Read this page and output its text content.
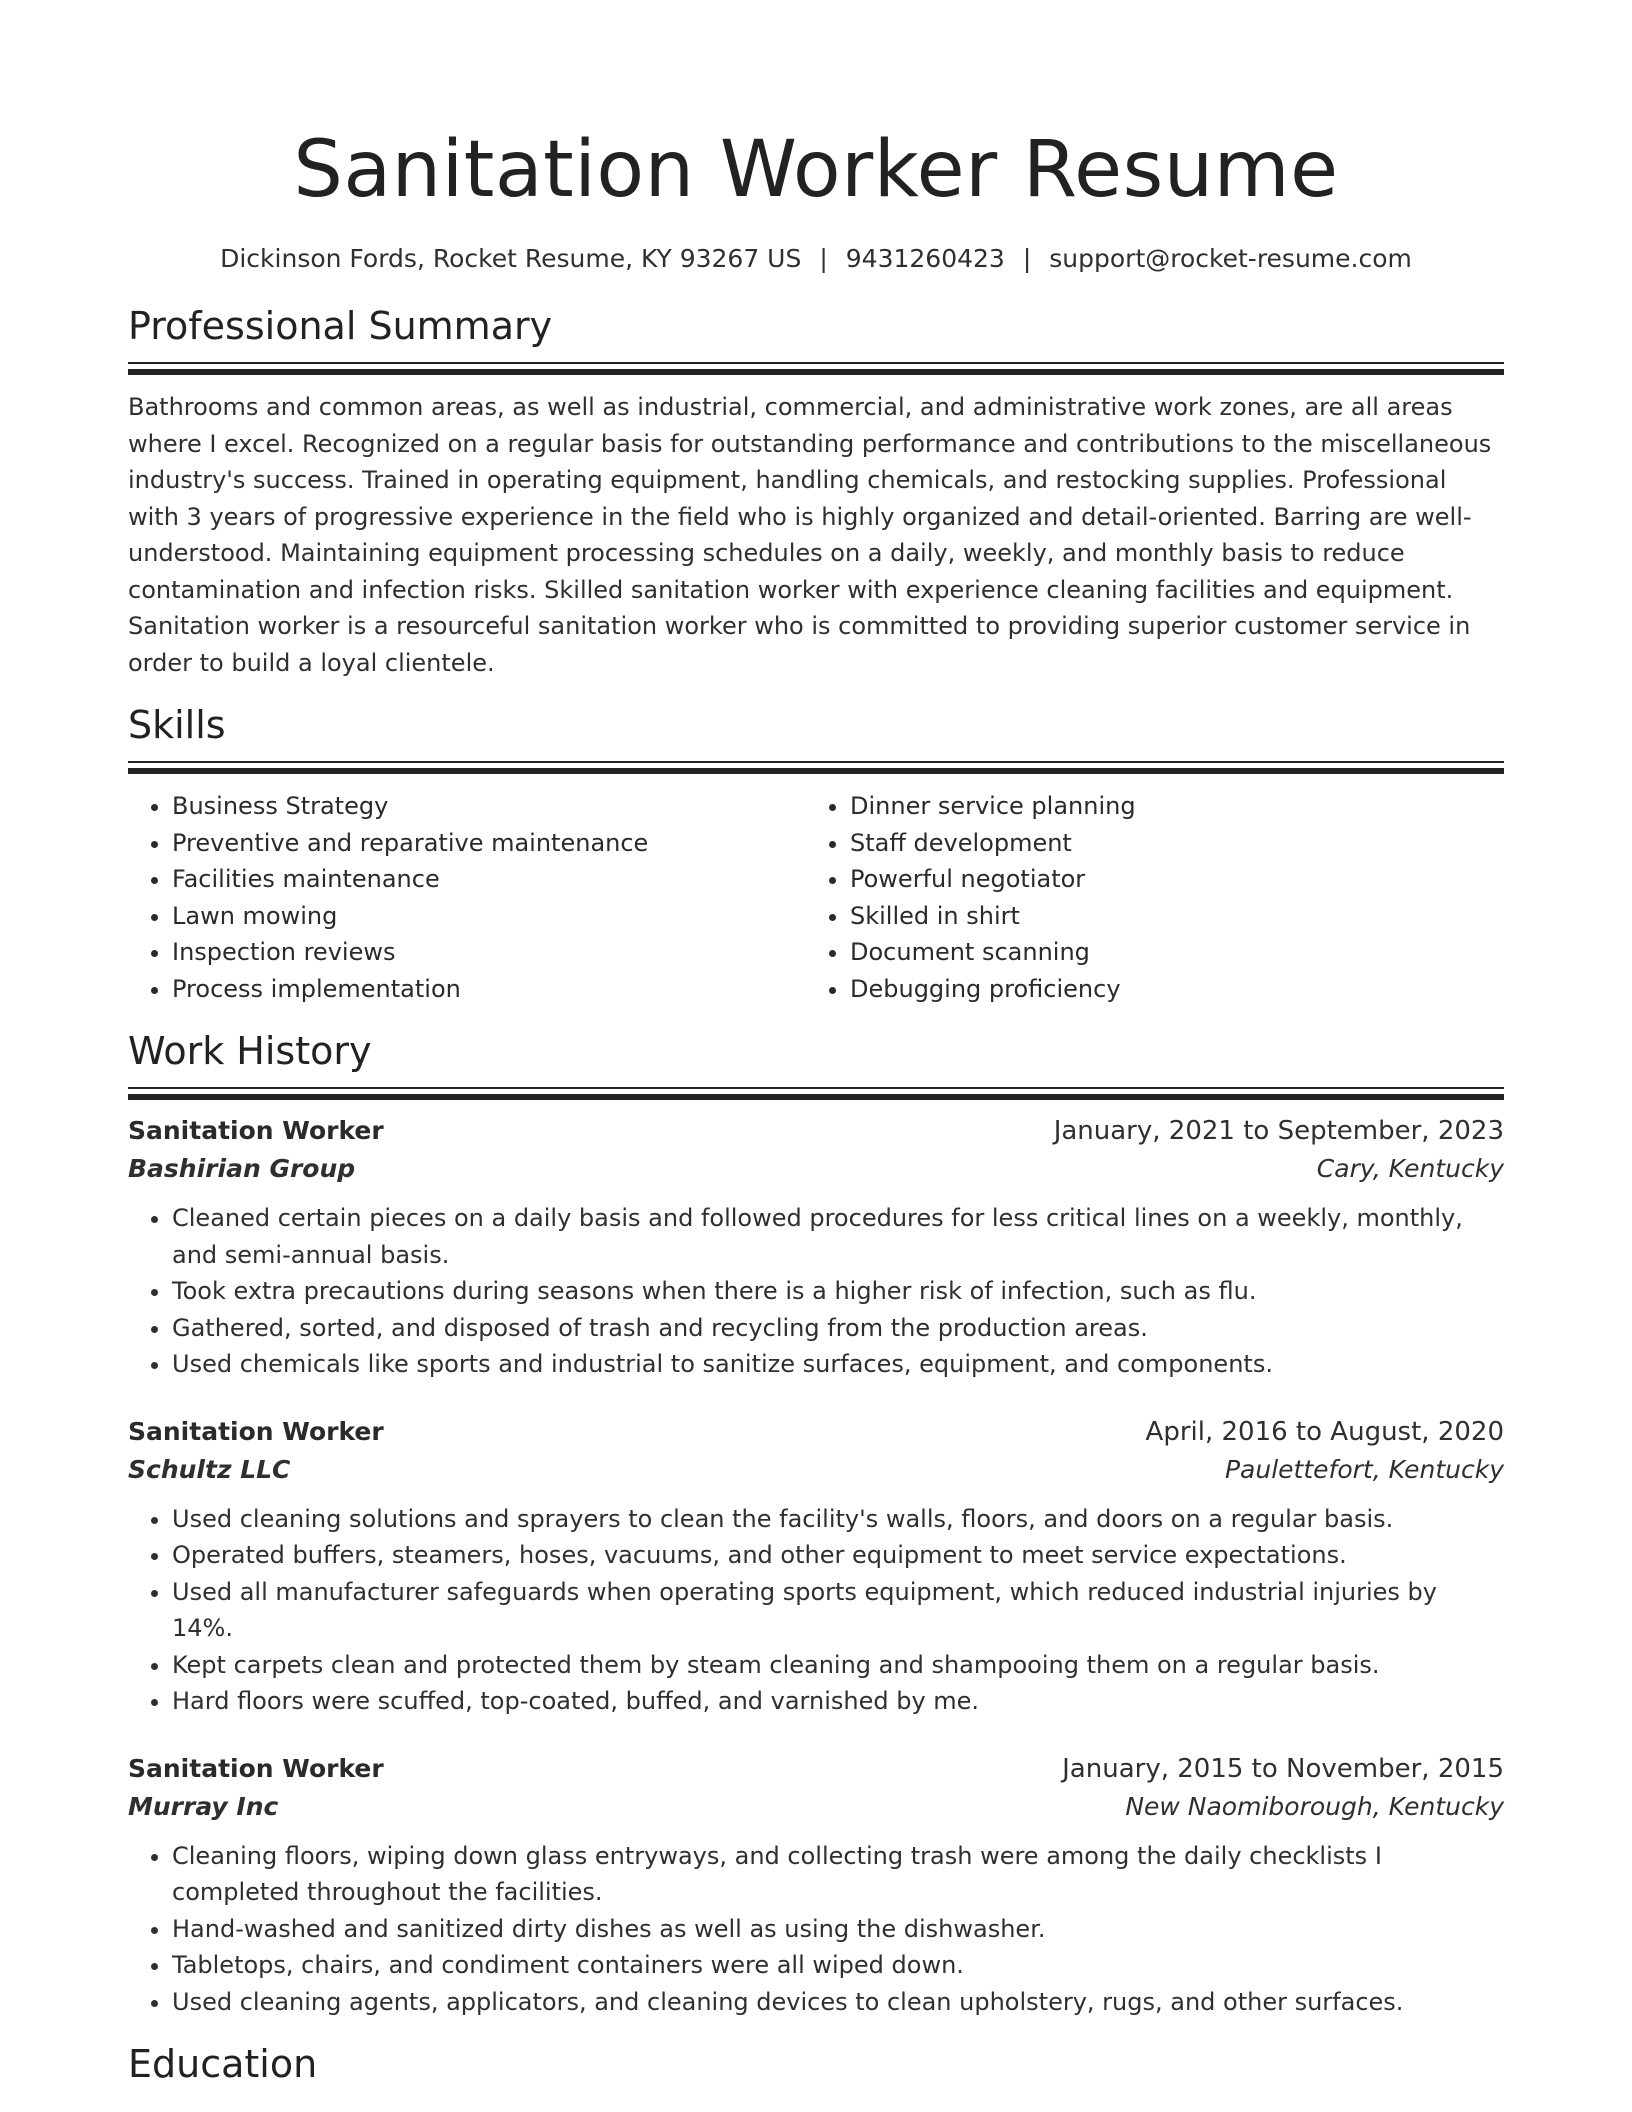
Sanitation Worker Resume
Dickinson Fords, Rocket Resume, KY 93267 US | 9431260423 | support@rocket-resume.com
Professional Summary

Bathrooms and common areas, as well as industrial, commercial, and administrative work zones, are all areas where I excel. Recognized on a regular basis for outstanding performance and contributions to the miscellaneous industry's success. Trained in operating equipment, handling chemicals, and restocking supplies. Professional with 3 years of progressive experience in the field who is highly organized and detail-oriented. Barring are well-understood. Maintaining equipment processing schedules on a daily, weekly, and monthly basis to reduce contamination and infection risks. Skilled sanitation worker with experience cleaning facilities and equipment. Sanitation worker is a resourceful sanitation worker who is committed to providing superior customer service in order to build a loyal clientele.

Skills
• Business Strategy
• Preventive and reparative maintenance
• Facilities maintenance
• Lawn mowing
• Inspection reviews
• Process implementation
• Dinner service planning
• Staff development
• Powerful negotiator
• Skilled in shirt
• Document scanning
• Debugging proficiency
Work History
Sanitation Worker	January, 2021 to September, 2023
Bashirian Group	Cary, Kentucky
• Cleaned certain pieces on a daily basis and followed procedures for less critical lines on a weekly, monthly, and semi-annual basis.
• Took extra precautions during seasons when there is a higher risk of infection, such as flu.
• Gathered, sorted, and disposed of trash and recycling from the production areas.
• Used chemicals like sports and industrial to sanitize surfaces, equipment, and components.
Sanitation Worker	April, 2016 to August, 2020
Schultz LLC	Paulettefort, Kentucky
• Used cleaning solutions and sprayers to clean the facility's walls, floors, and doors on a regular basis.
• Operated buffers, steamers, hoses, vacuums, and other equipment to meet service expectations.
• Used all manufacturer safeguards when operating sports equipment, which reduced industrial injuries by 14%.
• Kept carpets clean and protected them by steam cleaning and shampooing them on a regular basis.
• Hard floors were scuffed, top-coated, buffed, and varnished by me.
Sanitation Worker	January, 2015 to November, 2015
Murray Inc	New Naomiborough, Kentucky
• Cleaning floors, wiping down glass entryways, and collecting trash were among the daily checklists I completed throughout the facilities.
• Hand-washed and sanitized dirty dishes as well as using the dishwasher.
• Tabletops, chairs, and condiment containers were all wiped down.
• Used cleaning agents, applicators, and cleaning devices to clean upholstery, rugs, and other surfaces.
Education
